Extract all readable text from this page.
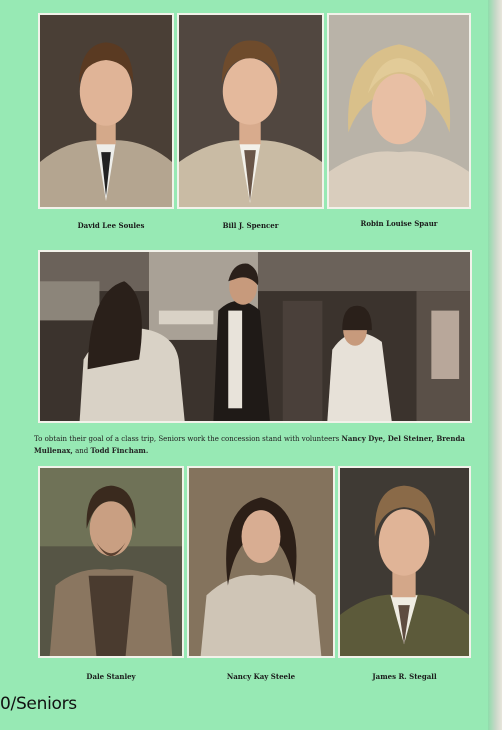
David Lee Soules	Bill J. Spencer	Robin Louise Spaur
To obtain their goal of a class trip, Seniors work the concession stand with volunteers Nancy Dye, Del Steiner, Brenda Mullenax, and Todd Fincham.
Dale Stanley	Nancy Kay Steele	James R. Stegall
0/Seniors
